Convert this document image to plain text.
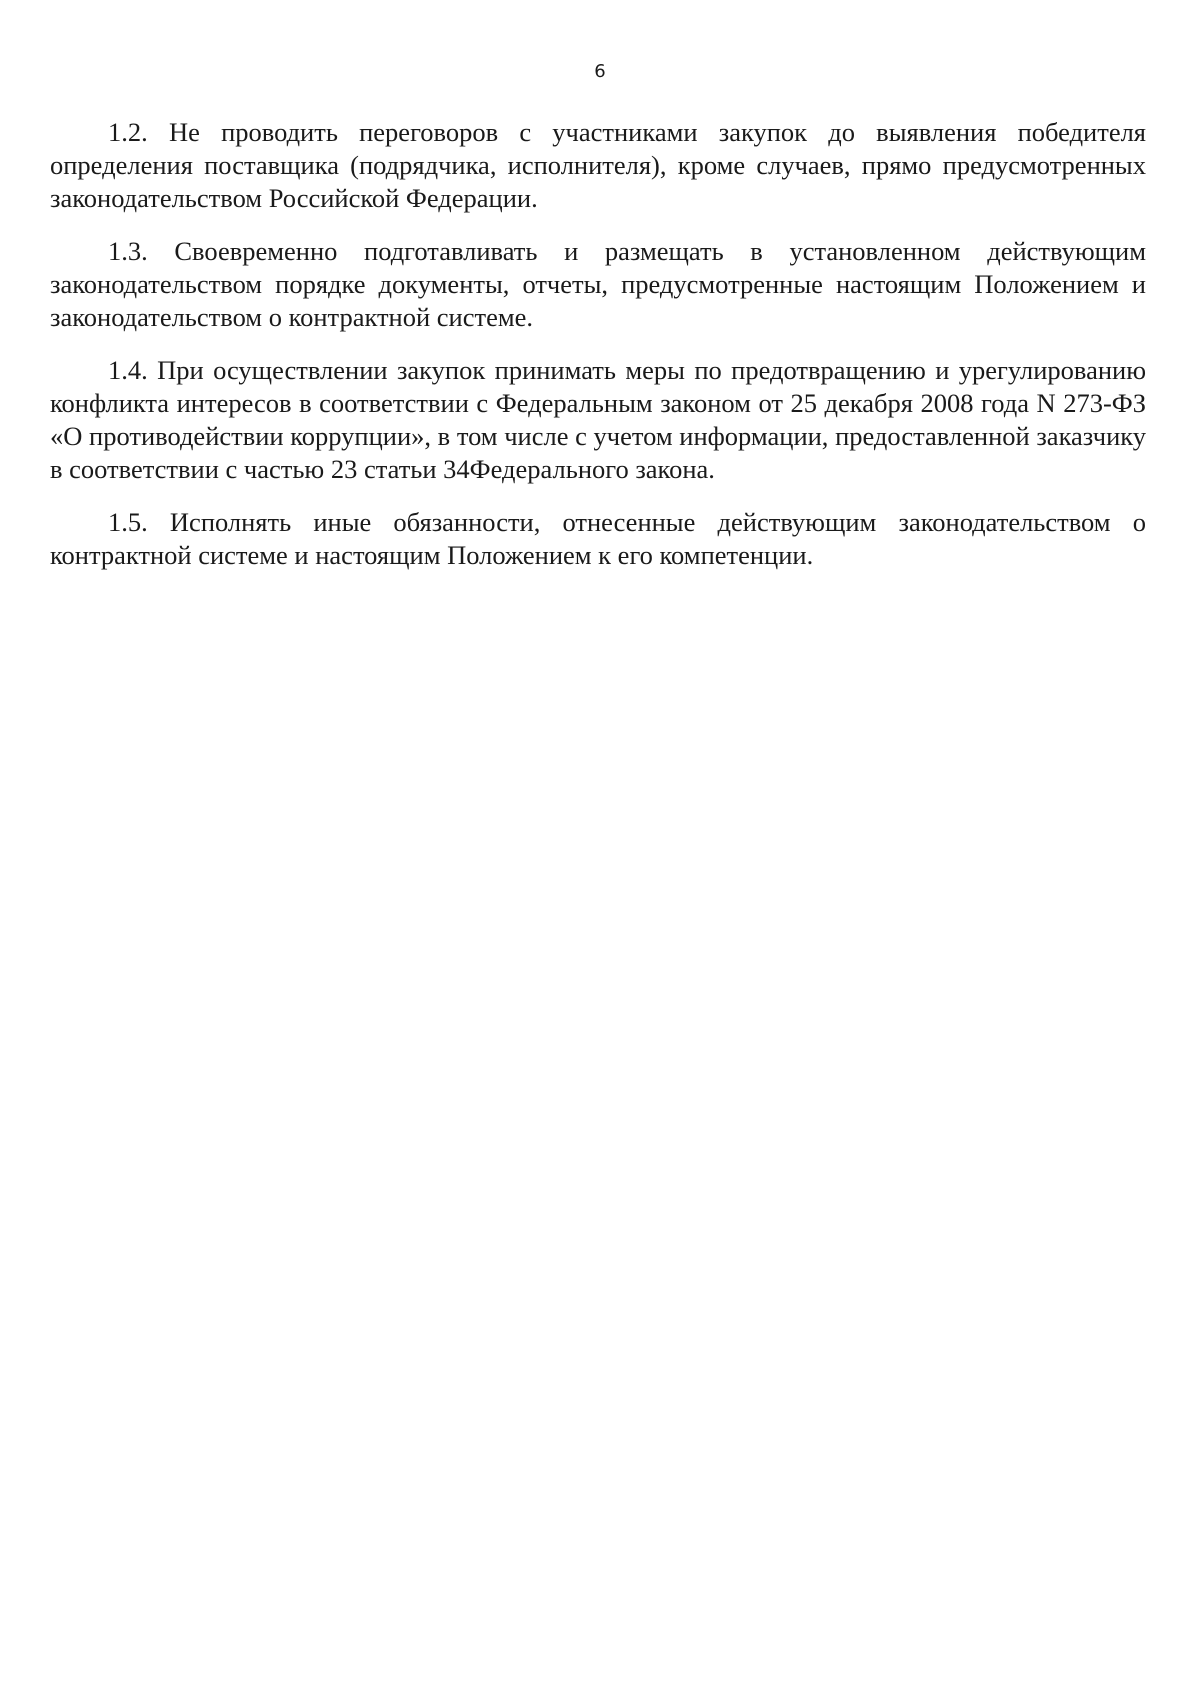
6

1.2. Не проводить переговоров с участниками закупок до выявления победителя определения поставщика (подрядчика, исполнителя), кроме случаев, прямо предусмотренных законодательством Российской Федерации.

1.3. Своевременно подготавливать и размещать в установленном действующим законодательством порядке документы, отчеты, предусмотренные настоящим Положением и законодательством о контрактной системе.

1.4. При осуществлении закупок принимать меры по предотвращению и урегулированию конфликта интересов в соответствии с Федеральным законом от 25 декабря 2008 года N 273-ФЗ «О противодействии коррупции», в том числе с учетом информации, предоставленной заказчику в соответствии с частью 23 статьи 34Федерального закона.

1.5. Исполнять иные обязанности, отнесенные действующим законодательством о контрактной системе и настоящим Положением к его компетенции.
